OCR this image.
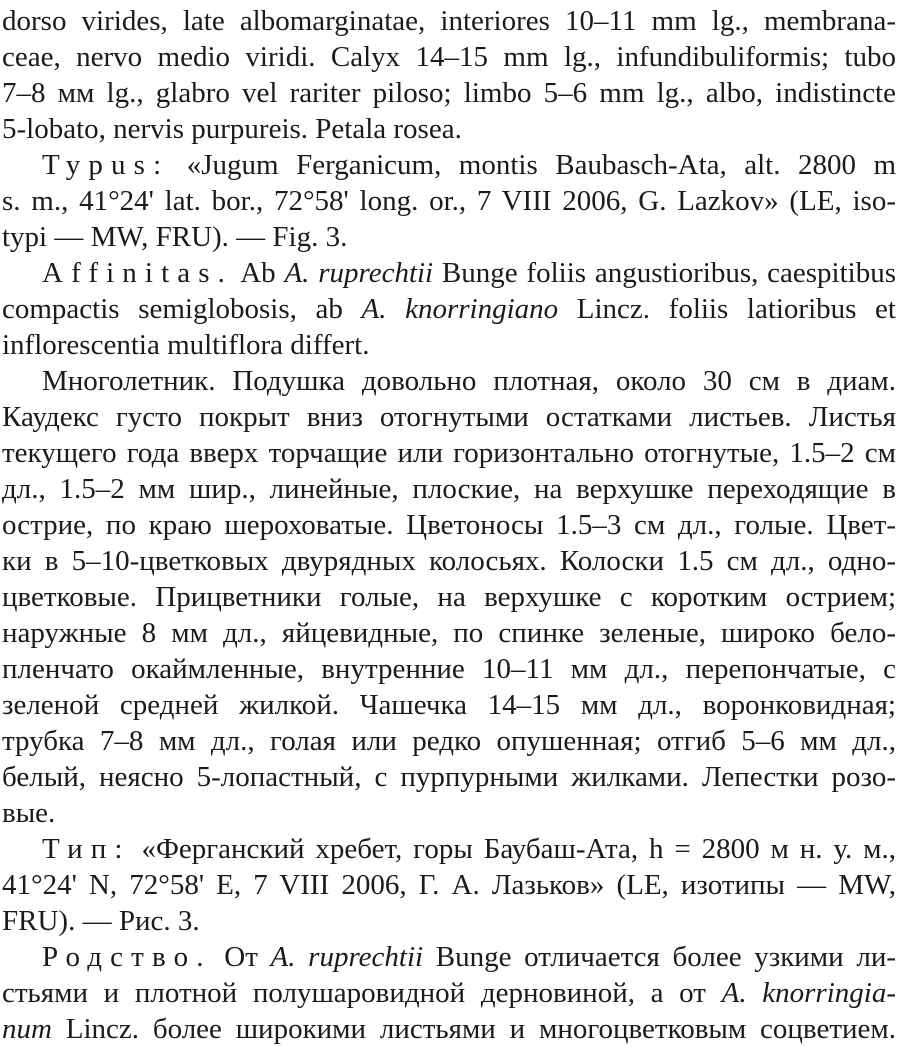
dorso virides, late albomarginatae, interiores 10–11 mm lg., membrana-
ceae, nervo medio viridi. Calyx 14–15 mm lg., infundibuliformis; tubo
7–8 мм lg., glabro vel rariter piloso; limbo 5–6 mm lg., albo, indistincte
5-lobato, nervis purpureis. Petala rosea.
Typus: «Jugum Ferganicum, montis Baubasch-Ata, alt. 2800 m
s. m., 41°24' lat. bor., 72°58' long. or., 7 VIII 2006, G. Lazkov» (LE, iso-
typi — MW, FRU). — Fig. 3.
Affinitas. Ab A. ruprechtii Bunge foliis angustioribus, caespitibus
compactis semiglobosis, ab A. knorringiano Lincz. foliis latioribus et
inflorescentia multiflora differt.
Многолетник. Подушка довольно плотная, около 30 см в диам.
Каудекс густо покрыт вниз отогнутыми остатками листьев. Листья
текущего года вверх торчащие или горизонтально отогнутые, 1.5–2 см
дл., 1.5–2 мм шир., линейные, плоские, на верхушке переходящие в
острие, по краю шероховатые. Цветоносы 1.5–3 см дл., голые. Цвет-
ки в 5–10-цветковых двурядных колосьях. Колоски 1.5 см дл., одно-
цветковые. Прицветники голые, на верхушке с коротким острием;
наружные 8 мм дл., яйцевидные, по спинке зеленые, широко бело-
пленчато окаймленные, внутренние 10–11 мм дл., перепончатые, с
зеленой средней жилкой. Чашечка 14–15 мм дл., воронковидная;
трубка 7–8 мм дл., голая или редко опушенная; отгиб 5–6 мм дл.,
белый, неясно 5-лопастный, с пурпурными жилками. Лепестки розо-
вые.
Тип: «Ферганский хребет, горы Баубаш-Ата, h = 2800 м н. у. м.,
41°24' N, 72°58' E, 7 VIII 2006, Г. А. Лазьков» (LE, изотипы — MW,
FRU). — Рис. 3.
Родство. От A. ruprechtii Bunge отличается более узкими ли-
стьями и плотной полушаровидной дерновиной, а от A. knorringia-
num Lincz. более широкими листьями и многоцветковым соцветием.
